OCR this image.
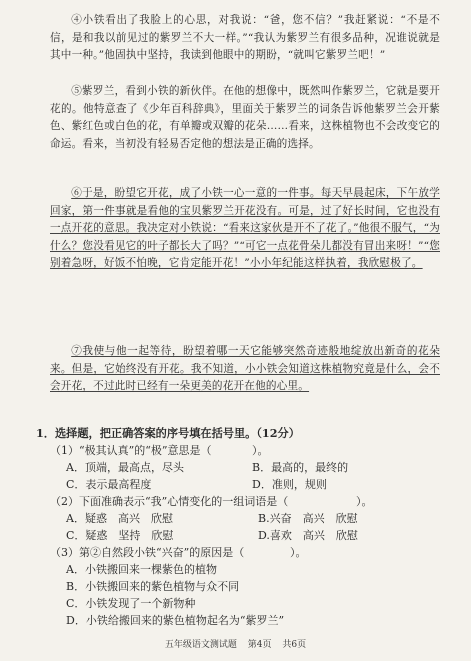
④小铁看出了我脸上的心思，对我说：“爸，您不信？”我赶紧说：“不是不信，是和我以前见过的紫罗兰不大一样。”“我认为紫罗兰有很多品种，况谁说就是其中一种。”他固执中坚持，我读到他眼中的期盼，“就叫它紫罗兰吧！”
⑤紫罗兰，看到小铁的新伙伴。在他的想像中，既然叫作紫罗兰，它就是要开花的。他特意查了《少年百科辞典》，里面关于紫罗兰的词条告诉他紫罗兰会开紫色、紫红色或白色的花，有单瓣或双瓣的花朵……看来，这株植物也不会改变它的命运。看来，当初没有轻易否定他的想法是正确的选择。
⑥于是，盼望它开花，成了小铁一心一意的一件事。每天早晨起床，下午放学回家，第一件事就是看他的宝贝紫罗兰开花没有。可是，过了好长时间，它也没有一点开花的意思。我决定对小铁说：“看来这家伙是开不了花了。”他很不服气，“为什么？您没看见它的叶子都长大了吗？”“可它一点花骨朵儿都没有冒出来呀！”“您别着急呀，好饭不怕晚，它肯定能开花！”小小年纪能这样执着，我欣慰极了。
⑦我使与他一起等待，盼望着哪一天它能够突然奇迹般地绽放出新奇的花朵来。但是，它始终没有开花。我不知道，小小铁会知道这株植物究竟是什么，会不会开花，不过此时已经有一朵更美的花开在他的心里。
1．选择题，把正确答案的序号填在括号里。（12分）
（1）“极其认真”的“极”意思是（	）。
A．顶端，最高点，尽头	B．最高的，最终的
C．表示最高程度	D．准则，规则
（2）下面准确表示“我”心情变化的一组词语是（	）。
A．疑惑　高兴　欣慰	B.兴奋　高兴　欣慰
C．疑惑　坚持　欣慰	D.喜欢　高兴　欣慰
（3）第②自然段小铁“兴奋”的原因是（	）。
A．小铁搬回来一棵紫色的植物
B．小铁搬回来的紫色植物与众不同
C．小铁发现了一个新物种
D．小铁给搬回来的紫色植物起名为“紫罗兰”
五年级语文测试题 第4页 共6页
